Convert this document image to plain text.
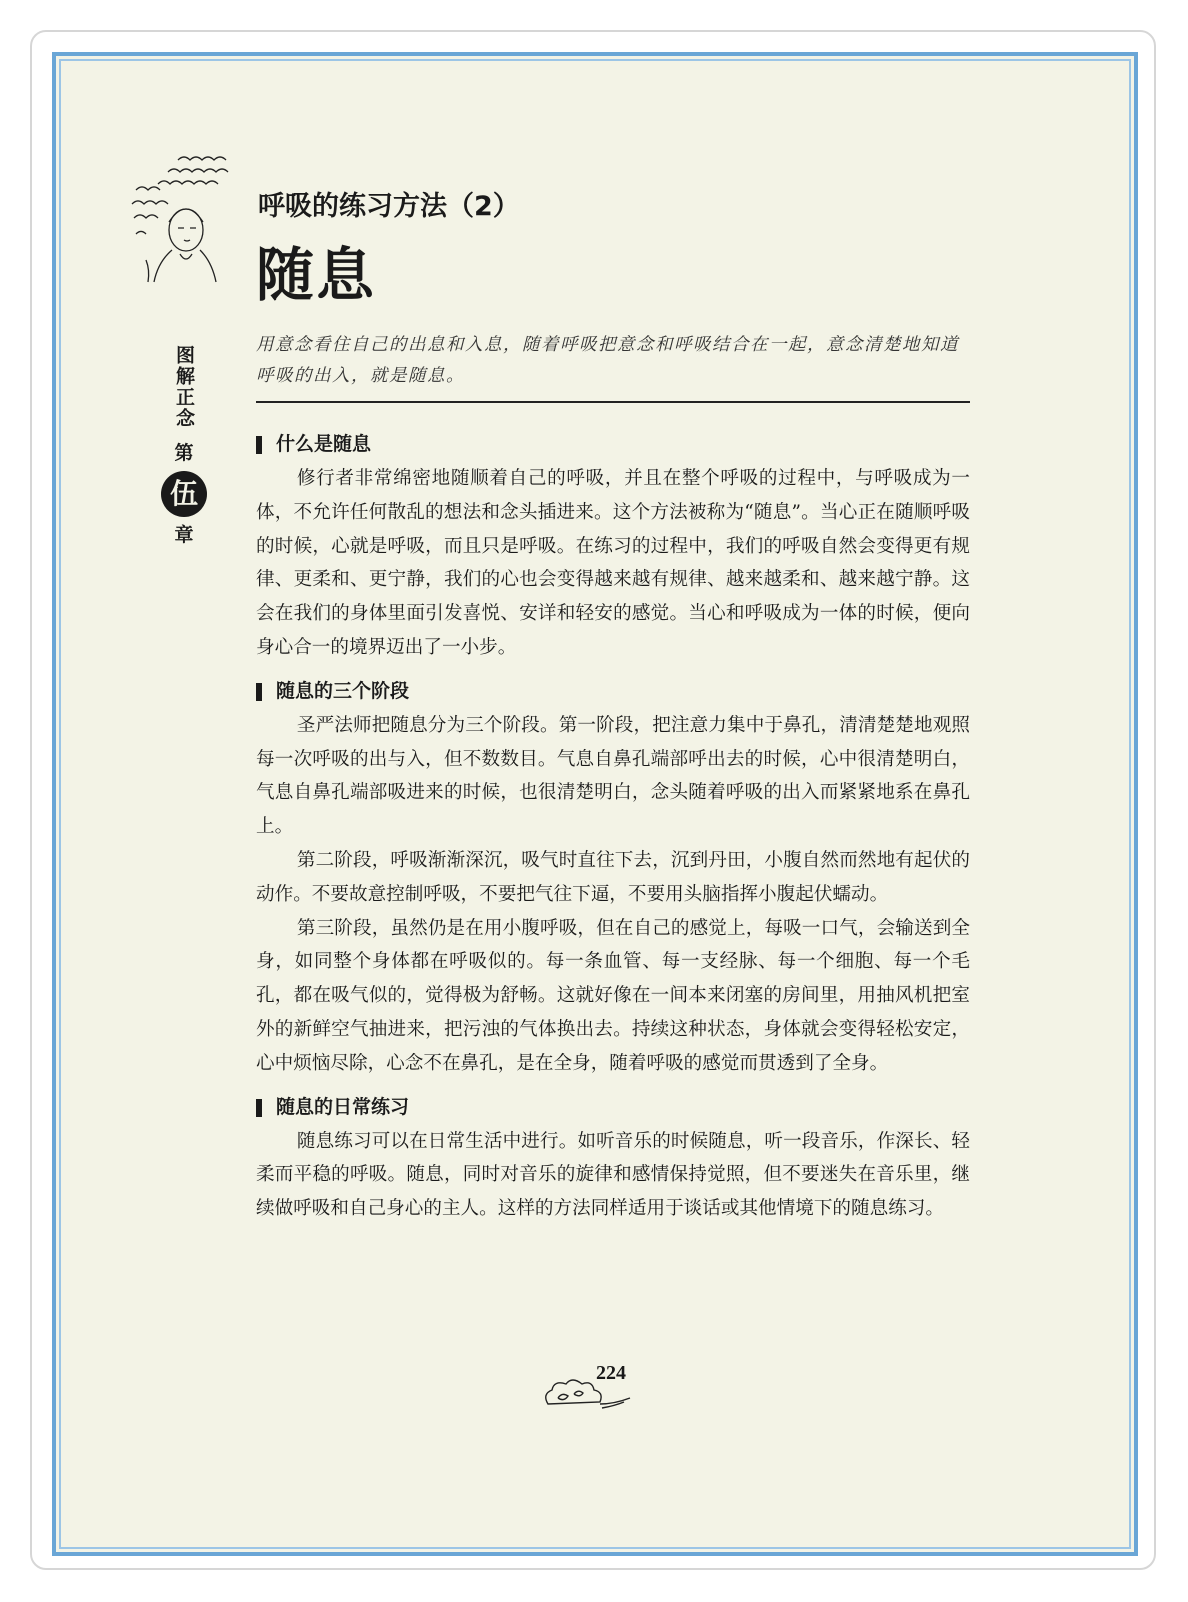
图解正念
第
伍
章
呼吸的练习方法（2）
随息
用意念看住自己的出息和入息，随着呼吸把意念和呼吸结合在一起，意念清楚地知道呼吸的出入，就是随息。
什么是随息

修行者非常绵密地随顺着自己的呼吸，并且在整个呼吸的过程中，与呼吸成为一体，不允许任何散乱的想法和念头插进来。这个方法被称为“随息”。当心正在随顺呼吸的时候，心就是呼吸，而且只是呼吸。在练习的过程中，我们的呼吸自然会变得更有规律、更柔和、更宁静，我们的心也会变得越来越有规律、越来越柔和、越来越宁静。这会在我们的身体里面引发喜悦、安详和轻安的感觉。当心和呼吸成为一体的时候，便向身心合一的境界迈出了一小步。

随息的三个阶段

圣严法师把随息分为三个阶段。第一阶段，把注意力集中于鼻孔，清清楚楚地观照每一次呼吸的出与入，但不数数目。气息自鼻孔端部呼出去的时候，心中很清楚明白，气息自鼻孔端部吸进来的时候，也很清楚明白，念头随着呼吸的出入而紧紧地系在鼻孔上。

第二阶段，呼吸渐渐深沉，吸气时直往下去，沉到丹田，小腹自然而然地有起伏的动作。不要故意控制呼吸，不要把气往下逼，不要用头脑指挥小腹起伏蠕动。

第三阶段，虽然仍是在用小腹呼吸，但在自己的感觉上，每吸一口气，会输送到全身，如同整个身体都在呼吸似的。每一条血管、每一支经脉、每一个细胞、每一个毛孔，都在吸气似的，觉得极为舒畅。这就好像在一间本来闭塞的房间里，用抽风机把室外的新鲜空气抽进来，把污浊的气体换出去。持续这种状态，身体就会变得轻松安定，心中烦恼尽除，心念不在鼻孔，是在全身，随着呼吸的感觉而贯透到了全身。

随息的日常练习

随息练习可以在日常生活中进行。如听音乐的时候随息，听一段音乐，作深长、轻柔而平稳的呼吸。随息，同时对音乐的旋律和感情保持觉照，但不要迷失在音乐里，继续做呼吸和自己身心的主人。这样的方法同样适用于谈话或其他情境下的随息练习。

224
